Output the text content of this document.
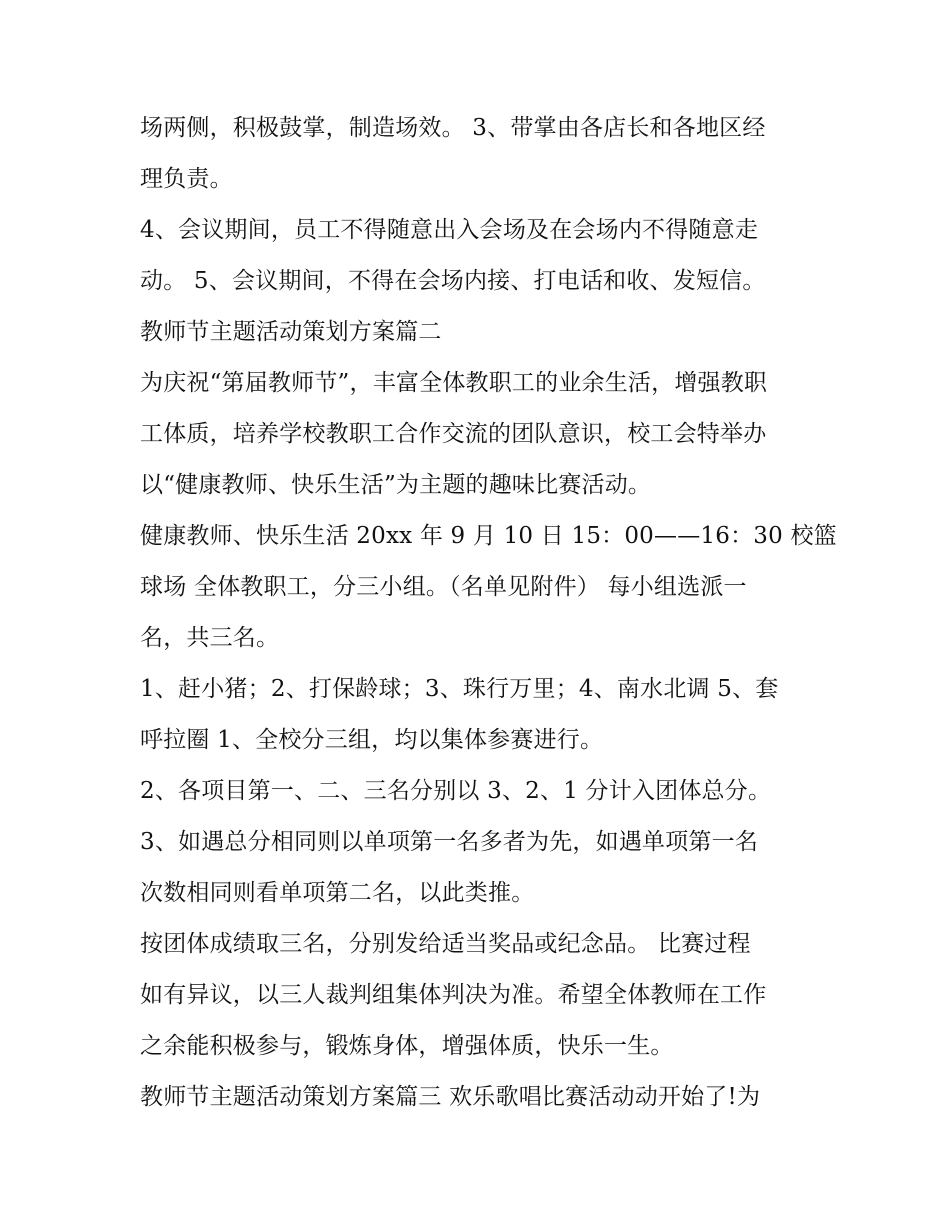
场两侧，积极鼓掌，制造场效。 3、带掌由各店长和各地区经
理负责。
4、会议期间，员工不得随意出入会场及在会场内不得随意走
动。 5、会议期间，不得在会场内接、打电话和收、发短信。
教师节主题活动策划方案篇二
为庆祝“第届教师节”，丰富全体教职工的业余生活，增强教职
工体质，培养学校教职工合作交流的团队意识，校工会特举办
以“健康教师、快乐生活”为主题的趣味比赛活动。
健康教师、快乐生活 20xx 年 9 月 10 日 15：00——16：30 校篮
球场 全体教职工，分三小组。（名单见附件） 每小组选派一
名，共三名。
1、赶小猪；2、打保龄球；3、珠行万里；4、南水北调 5、套
呼拉圈 1、全校分三组，均以集体参赛进行。
2、各项目第一、二、三名分别以 3、2、1 分计入团体总分。
3、如遇总分相同则以单项第一名多者为先，如遇单项第一名
次数相同则看单项第二名，以此类推。
按团体成绩取三名，分别发给适当奖品或纪念品。 比赛过程
如有异议，以三人裁判组集体判决为准。希望全体教师在工作
之余能积极参与，锻炼身体，增强体质，快乐一生。
教师节主题活动策划方案篇三 欢乐歌唱比赛活动动开始了!为
